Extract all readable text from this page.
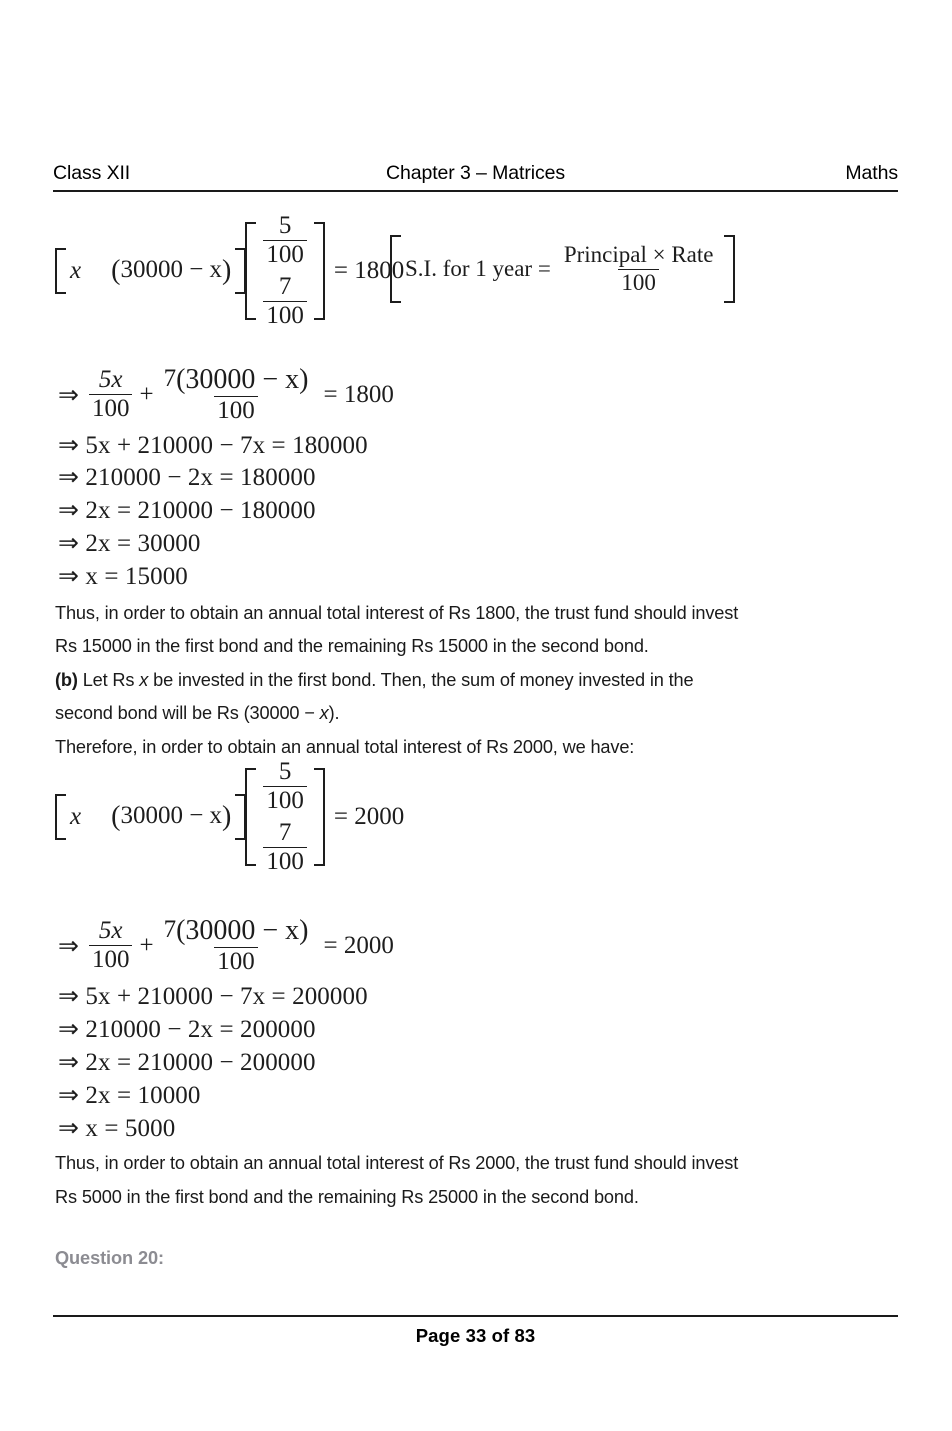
Class XII	Chapter 3 – Matrices	Maths
x (30000 − x)
$\frac{5}{100}$
$\frac{7}{100}$
= 1800 S.I. for 1 year = $\frac{\text{Principal × Rate}}{100}$
⇒ $\frac{5x}{100} + \frac{7(30000 - x)}{100} = 1800$
⇒ 5x + 210000 − 7x = 180000
⇒ 210000 − 2x = 180000
⇒ 2x = 210000 − 180000
⇒ 2x = 30000
⇒ x = 15000
Thus, in order to obtain an annual total interest of Rs 1800, the trust fund should invest
Rs 15000 in the first bond and the remaining Rs 15000 in the second bond.
(b) Let Rs x be invested in the first bond. Then, the sum of money invested in the
second bond will be Rs (30000 − x).
Therefore, in order to obtain an annual total interest of Rs 2000, we have:
x (30000 − x)
$\frac{5}{100}$
$\frac{7}{100}$
= 2000
⇒ $\frac{5x}{100} + \frac{7(30000 - x)}{100} = 2000$
⇒ 5x + 210000 − 7x = 200000
⇒ 210000 − 2x = 200000
⇒ 2x = 210000 − 200000
⇒ 2x = 10000
⇒ x = 5000
Thus, in order to obtain an annual total interest of Rs 2000, the trust fund should invest
Rs 5000 in the first bond and the remaining Rs 25000 in the second bond.
Question 20:
Page 33 of 83
